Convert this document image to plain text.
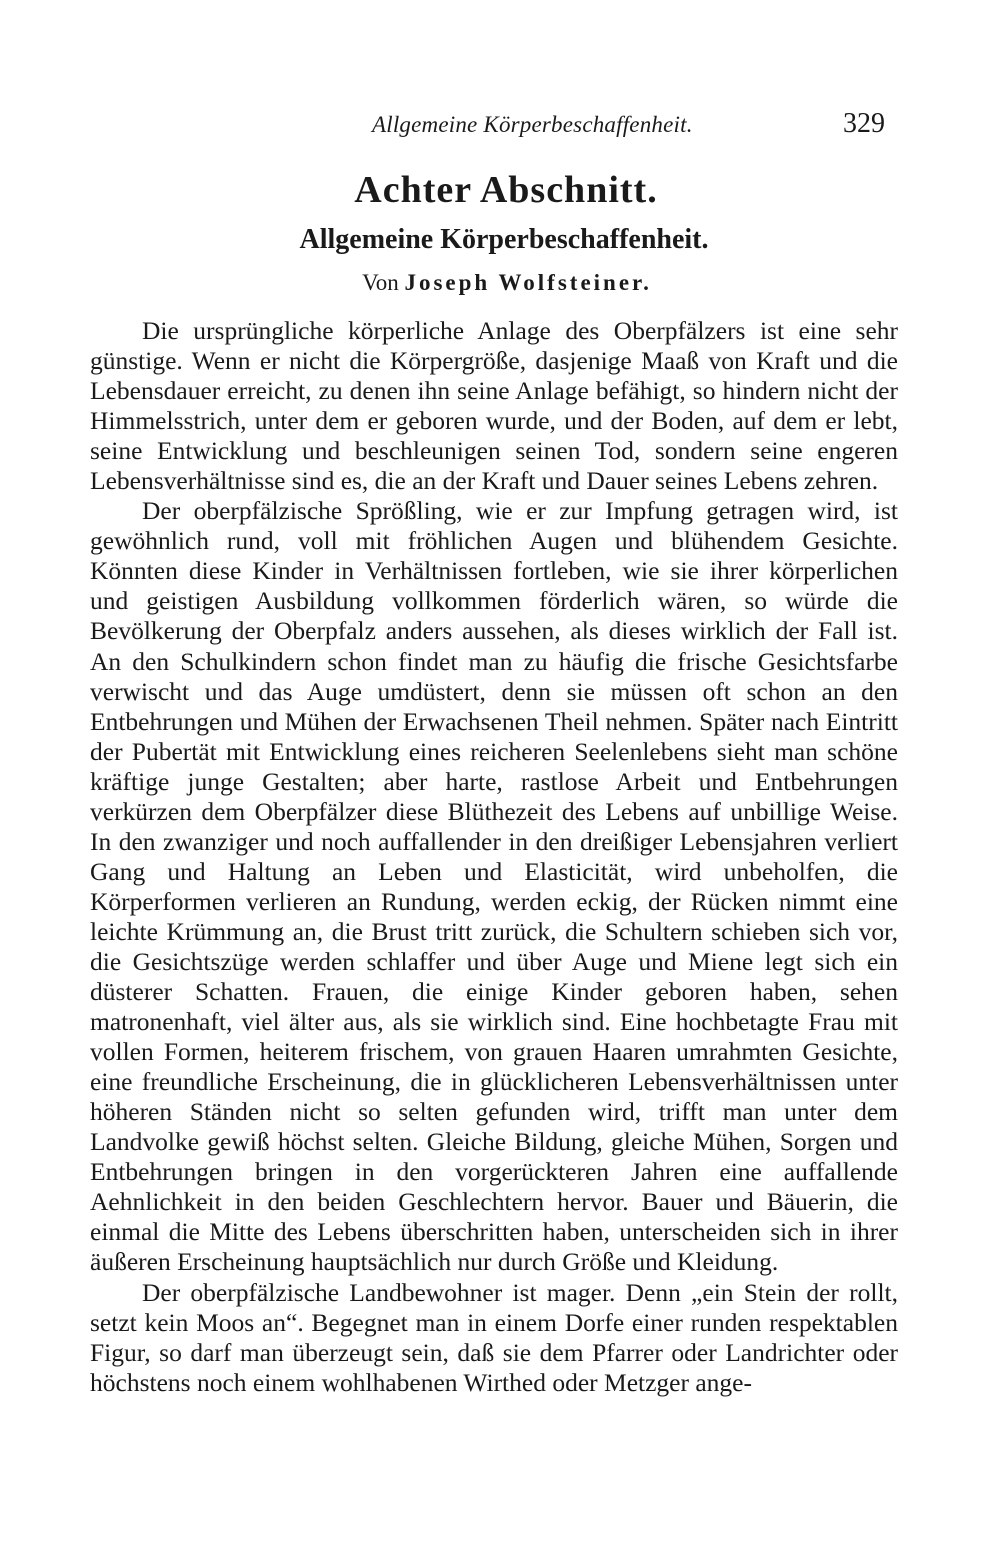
Allgemeine Körperbeschaffenheit.	329
Achter Abschnitt.
Allgemeine Körperbeschaffenheit.
Von Joseph Wolfsteiner.

Die ursprüngliche körperliche Anlage des Oberpfälzers ist eine sehr günstige. Wenn er nicht die Körpergröße, dasjenige Maaß von Kraft und die Lebensdauer erreicht, zu denen ihn seine Anlage befähigt, so hindern nicht der Himmelsstrich, unter dem er geboren wurde, und der Boden, auf dem er lebt, seine Entwicklung und beschleunigen seinen Tod, sondern seine engeren Lebensverhältnisse sind es, die an der Kraft und Dauer seines Lebens zehren.

Der oberpfälzische Sprößling, wie er zur Impfung getragen wird, ist gewöhnlich rund, voll mit fröhlichen Augen und blühendem Gesichte. Könnten diese Kinder in Verhältnissen fortleben, wie sie ihrer körperlichen und geistigen Ausbildung vollkommen förderlich wären, so würde die Bevölkerung der Oberpfalz anders aussehen, als dieses wirklich der Fall ist. An den Schulkindern schon findet man zu häufig die frische Gesichtsfarbe verwischt und das Auge umdüstert, denn sie müssen oft schon an den Entbehrungen und Mühen der Erwachsenen Theil nehmen. Später nach Eintritt der Pubertät mit Entwicklung eines reicheren Seelenlebens sieht man schöne kräftige junge Gestalten; aber harte, rastlose Arbeit und Entbehrungen verkürzen dem Oberpfälzer diese Blüthezeit des Lebens auf unbillige Weise. In den zwanziger und noch auffallender in den dreißiger Lebensjahren verliert Gang und Haltung an Leben und Elasticität, wird unbeholfen, die Körperformen verlieren an Rundung, werden eckig, der Rücken nimmt eine leichte Krümmung an, die Brust tritt zurück, die Schultern schieben sich vor, die Gesichtszüge werden schlaffer und über Auge und Miene legt sich ein düsterer Schatten. Frauen, die einige Kinder geboren haben, sehen matronenhaft, viel älter aus, als sie wirklich sind. Eine hochbetagte Frau mit vollen Formen, heiterem frischem, von grauen Haaren umrahmten Gesichte, eine freundliche Erscheinung, die in glücklicheren Lebensverhältnissen unter höheren Ständen nicht so selten gefunden wird, trifft man unter dem Landvolke gewiß höchst selten. Gleiche Bildung, gleiche Mühen, Sorgen und Entbehrungen bringen in den vorgerückteren Jahren eine auffallende Aehnlichkeit in den beiden Geschlechtern hervor. Bauer und Bäuerin, die einmal die Mitte des Lebens überschritten haben, unterscheiden sich in ihrer äußeren Erscheinung hauptsächlich nur durch Größe und Kleidung.

Der oberpfälzische Landbewohner ist mager. Denn „ein Stein der rollt, setzt kein Moos an“. Begegnet man in einem Dorfe einer runden respektablen Figur, so darf man überzeugt sein, daß sie dem Pfarrer oder Landrichter oder höchstens noch einem wohlhabenen Wirthed oder Metzger ange-
